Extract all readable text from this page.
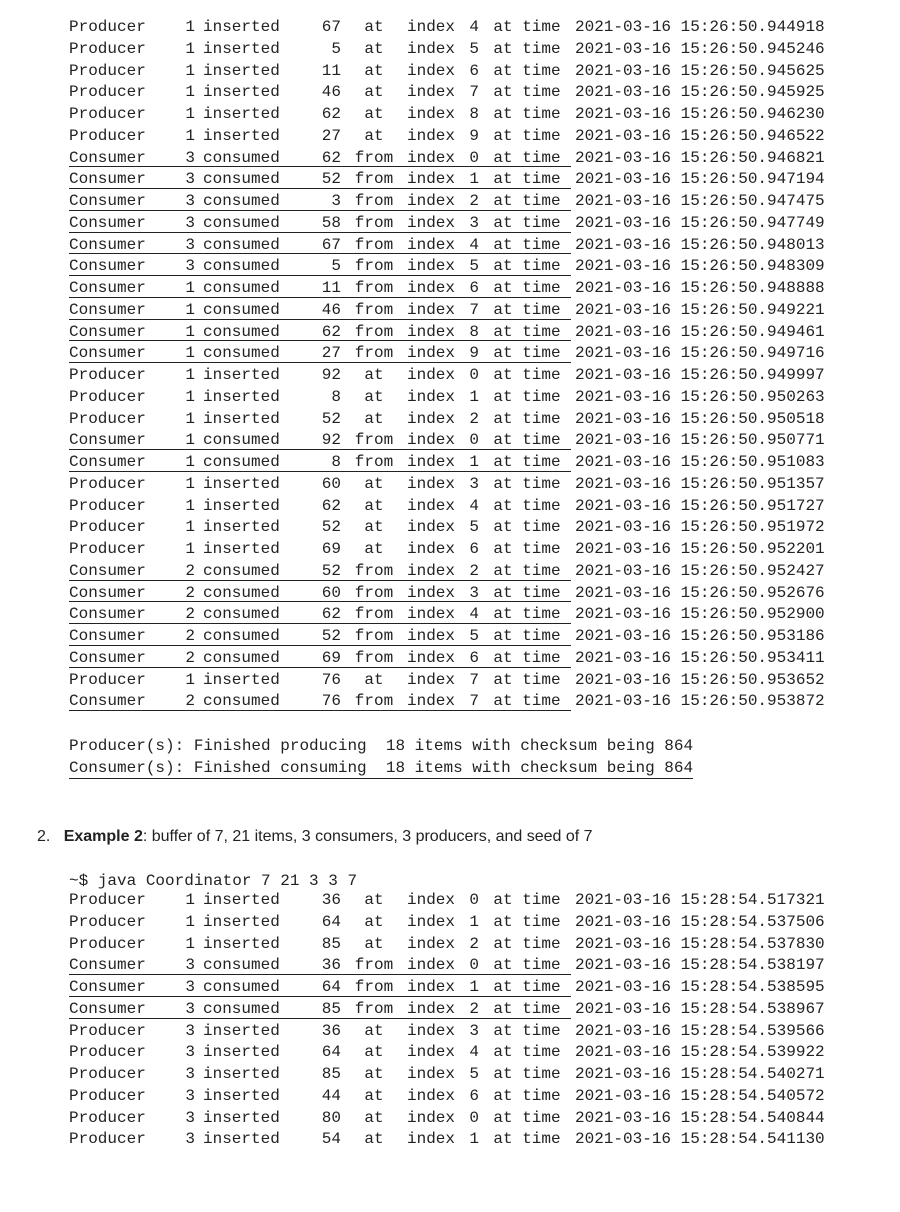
Producer 1 inserted	67 at index 4 at time 2021-03-16 15:26:50.944918
Producer 1 inserted	5 at index 5 at time 2021-03-16 15:26:50.945246
Producer 1 inserted	11 at index 6 at time 2021-03-16 15:26:50.945625
Producer 1 inserted	46 at index 7 at time 2021-03-16 15:26:50.945925
Producer 1 inserted	62 at index 8 at time 2021-03-16 15:26:50.946230
Producer 1 inserted	27 at index 9 at time 2021-03-16 15:26:50.946522
Consumer 3 consumed	62 from index 0 at time 2021-03-16 15:26:50.946821
Consumer 3 consumed	52 from index 1 at time 2021-03-16 15:26:50.947194
Consumer 3 consumed	3 from index 2 at time 2021-03-16 15:26:50.947475
Consumer 3 consumed	58 from index 3 at time 2021-03-16 15:26:50.947749
Consumer 3 consumed	67 from index 4 at time 2021-03-16 15:26:50.948013
Consumer 3 consumed	5 from index 5 at time 2021-03-16 15:26:50.948309
Consumer 1 consumed	11 from index 6 at time 2021-03-16 15:26:50.948888
Consumer 1 consumed	46 from index 7 at time 2021-03-16 15:26:50.949221
Consumer 1 consumed	62 from index 8 at time 2021-03-16 15:26:50.949461
Consumer 1 consumed	27 from index 9 at time 2021-03-16 15:26:50.949716
Producer 1 inserted	92 at index 0 at time 2021-03-16 15:26:50.949997
Producer 1 inserted	8 at index 1 at time 2021-03-16 15:26:50.950263
Producer 1 inserted	52 at index 2 at time 2021-03-16 15:26:50.950518
Consumer 1 consumed	92 from index 0 at time 2021-03-16 15:26:50.950771
Consumer 1 consumed	8 from index 1 at time 2021-03-16 15:26:50.951083
Producer 1 inserted	60 at index 3 at time 2021-03-16 15:26:50.951357
Producer 1 inserted	62 at index 4 at time 2021-03-16 15:26:50.951727
Producer 1 inserted	52 at index 5 at time 2021-03-16 15:26:50.951972
Producer 1 inserted	69 at index 6 at time 2021-03-16 15:26:50.952201
Consumer 2 consumed	52 from index 2 at time 2021-03-16 15:26:50.952427
Consumer 2 consumed	60 from index 3 at time 2021-03-16 15:26:50.952676
Consumer 2 consumed	62 from index 4 at time 2021-03-16 15:26:50.952900
Consumer 2 consumed	52 from index 5 at time 2021-03-16 15:26:50.953186
Consumer 2 consumed	69 from index 6 at time 2021-03-16 15:26:50.953411
Producer 1 inserted	76 at index 7 at time 2021-03-16 15:26:50.953652
Consumer 2 consumed	76 from index 7 at time 2021-03-16 15:26:50.953872
Producer(s): Finished producing  18 items with checksum being 864
Consumer(s): Finished consuming  18 items with checksum being 864
2. Example 2: buffer of 7, 21 items, 3 consumers, 3 producers, and seed of 7
~$ java Coordinator 7 21 3 3 7
Producer 1 inserted	36 at index 0 at time 2021-03-16 15:28:54.517321
Producer 1 inserted	64 at index 1 at time 2021-03-16 15:28:54.537506
Producer 1 inserted	85 at index 2 at time 2021-03-16 15:28:54.537830
Consumer 3 consumed	36 from index 0 at time 2021-03-16 15:28:54.538197
Consumer 3 consumed	64 from index 1 at time 2021-03-16 15:28:54.538595
Consumer 3 consumed	85 from index 2 at time 2021-03-16 15:28:54.538967
Producer 3 inserted	36 at index 3 at time 2021-03-16 15:28:54.539566
Producer 3 inserted	64 at index 4 at time 2021-03-16 15:28:54.539922
Producer 3 inserted	85 at index 5 at time 2021-03-16 15:28:54.540271
Producer 3 inserted	44 at index 6 at time 2021-03-16 15:28:54.540572
Producer 3 inserted	80 at index 0 at time 2021-03-16 15:28:54.540844
Producer 3 inserted	54 at index 1 at time 2021-03-16 15:28:54.541130
